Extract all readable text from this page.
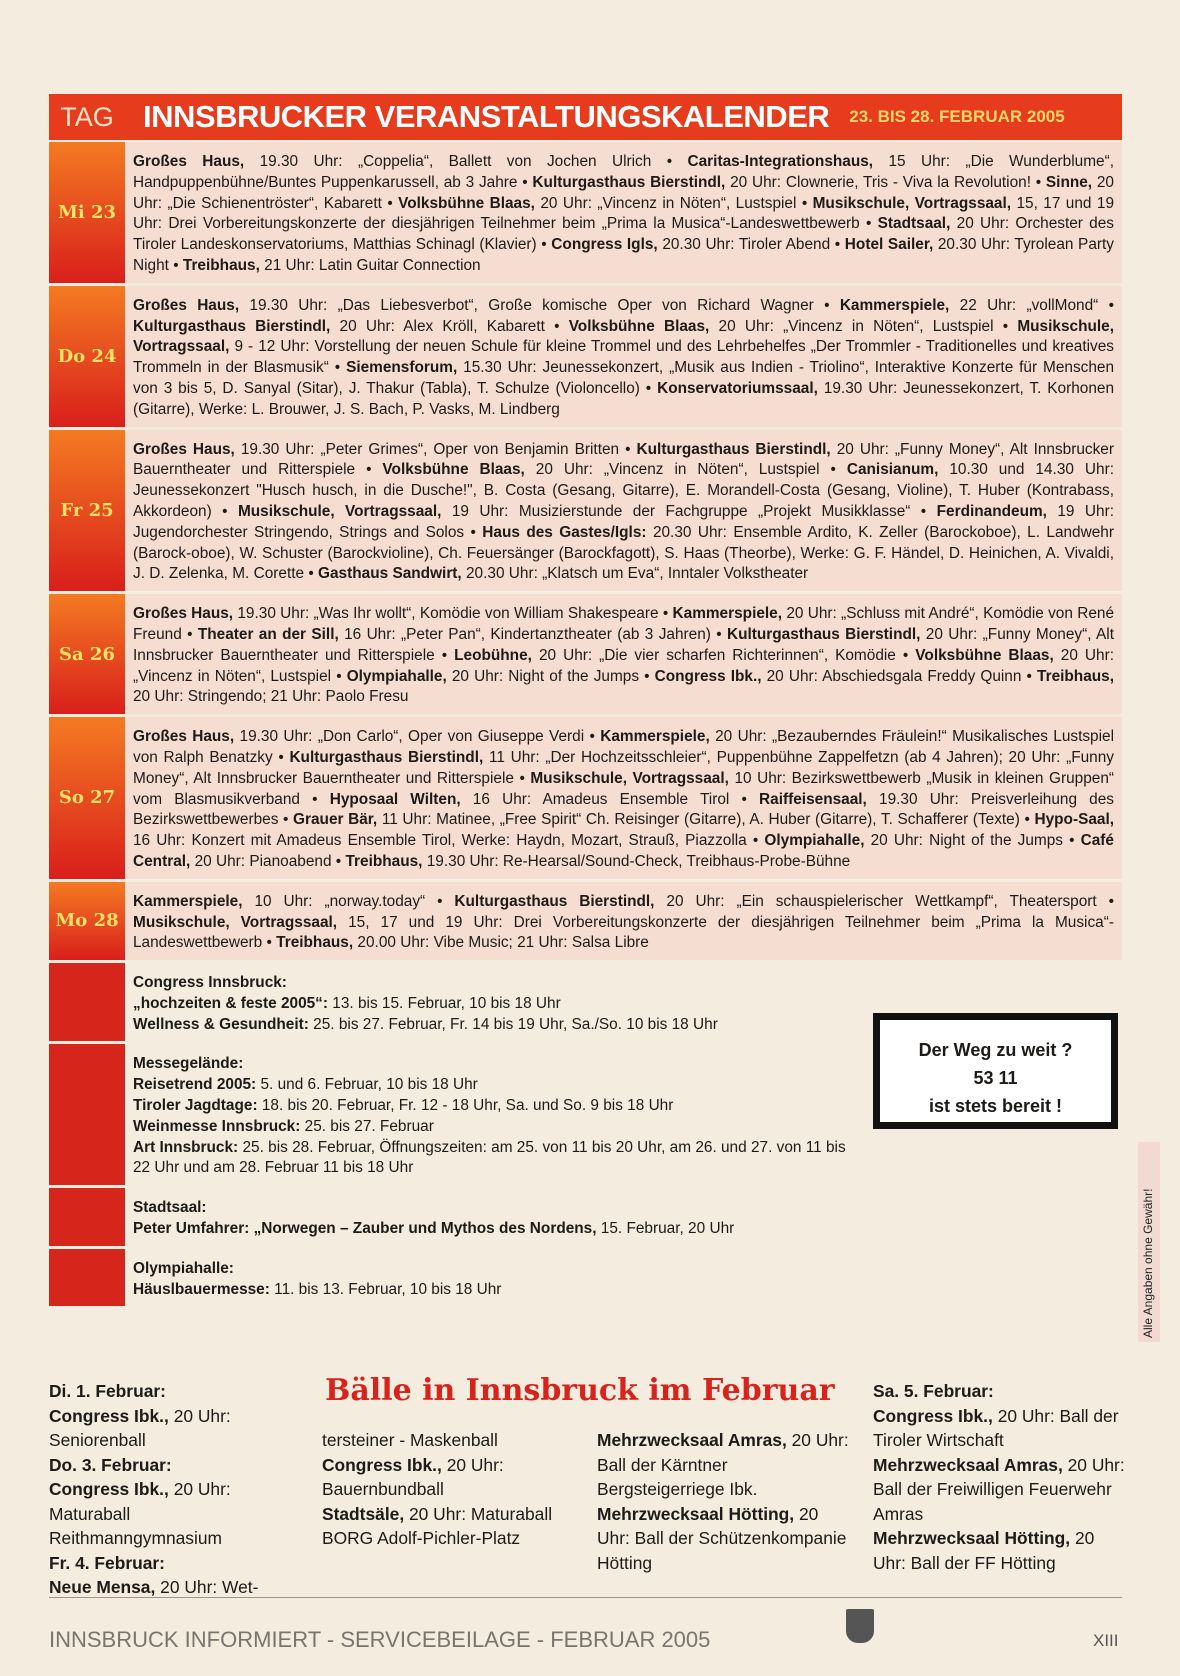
TAG INNSBRUCKER VERANSTALTUNGSKALENDER 23. BIS 28. FEBRUAR 2005
Mi 23
Großes Haus, 19.30 Uhr: „Coppelia“, Ballett von Jochen Ulrich • Caritas-Integrationshaus, 15 Uhr: „Die Wunderblume“, Handpuppenbühne/Buntes Puppenkarussell, ab 3 Jahre • Kulturgasthaus Bierstindl, 20 Uhr: Clownerie, Tris - Viva la Revolution! • Sinne, 20 Uhr: „Die Schienentröster“, Kabarett • Volksbühne Blaas, 20 Uhr: „Vincenz in Nöten“, Lustspiel • Musikschule, Vortragssaal, 15, 17 und 19 Uhr: Drei Vorbereitungskonzerte der diesjährigen Teilnehmer beim „Prima la Musica“-Landeswettbewerb • Stadtsaal, 20 Uhr: Orchester des Tiroler Landeskonservatoriums, Matthias Schinagl (Klavier) • Congress Igls, 20.30 Uhr: Tiroler Abend • Hotel Sailer, 20.30 Uhr: Tyrolean Party Night • Treibhaus, 21 Uhr: Latin Guitar Connection
Do 24
Großes Haus, 19.30 Uhr: „Das Liebesverbot“, Große komische Oper von Richard Wagner • Kammerspiele, 22 Uhr: „vollMond“ • Kulturgasthaus Bierstindl, 20 Uhr: Alex Kröll, Kabarett • Volksbühne Blaas, 20 Uhr: „Vincenz in Nöten“, Lustspiel • Musikschule, Vortragssaal, 9 - 12 Uhr: Vorstellung der neuen Schule für kleine Trommel und des Lehrbehelfes „Der Trommler - Traditionelles und kreatives Trommeln in der Blasmusik“ • Siemensforum, 15.30 Uhr: Jeunessekonzert, „Musik aus Indien - Triolino“, Interaktive Konzerte für Menschen von 3 bis 5, D. Sanyal (Sitar), J. Thakur (Tabla), T. Schulze (Violoncello) • Konservatoriumssaal, 19.30 Uhr: Jeunessekonzert, T. Korhonen (Gitarre), Werke: L. Brouwer, J. S. Bach, P. Vasks, M. Lindberg
Fr 25
Großes Haus, 19.30 Uhr: „Peter Grimes“, Oper von Benjamin Britten • Kulturgasthaus Bierstindl, 20 Uhr: „Funny Money“, Alt Innsbrucker Bauerntheater und Ritterspiele • Volksbühne Blaas, 20 Uhr: „Vincenz in Nöten“, Lustspiel • Canisianum, 10.30 und 14.30 Uhr: Jeunessekonzert "Husch husch, in die Dusche!", B. Costa (Gesang, Gitarre), E. Morandell-Costa (Gesang, Violine), T. Huber (Kontrabass, Akkordeon) • Musikschule, Vortragssaal, 19 Uhr: Musizierstunde der Fachgruppe „Projekt Musikklasse“ • Ferdinandeum, 19 Uhr: Jugendorchester Stringendo, Strings and Solos • Haus des Gastes/Igls: 20.30 Uhr: Ensemble Ardito, K. Zeller (Barockoboe), L. Landwehr (Barock-oboe), W. Schuster (Barockvioline), Ch. Feuersänger (Barockfagott), S. Haas (Theorbe), Werke: G. F. Händel, D. Heinichen, A. Vivaldi, J. D. Zelenka, M. Corette • Gasthaus Sandwirt, 20.30 Uhr: „Klatsch um Eva“, Inntaler Volkstheater
Sa 26
Großes Haus, 19.30 Uhr: „Was Ihr wollt“, Komödie von William Shakespeare • Kammerspiele, 20 Uhr: „Schluss mit André“, Komödie von René Freund • Theater an der Sill, 16 Uhr: „Peter Pan“, Kindertanztheater (ab 3 Jahren) • Kulturgasthaus Bierstindl, 20 Uhr: „Funny Money“, Alt Innsbrucker Bauerntheater und Ritterspiele • Leobühne, 20 Uhr: „Die vier scharfen Richterinnen“, Komödie • Volksbühne Blaas, 20 Uhr: „Vincenz in Nöten“, Lustspiel • Olympiahalle, 20 Uhr: Night of the Jumps • Congress Ibk., 20 Uhr: Abschiedsgala Freddy Quinn • Treibhaus, 20 Uhr: Stringendo; 21 Uhr: Paolo Fresu
So 27
Großes Haus, 19.30 Uhr: „Don Carlo“, Oper von Giuseppe Verdi • Kammerspiele, 20 Uhr: „Bezauberndes Fräulein!“ Musikalisches Lustspiel von Ralph Benatzky • Kulturgasthaus Bierstindl, 11 Uhr: „Der Hochzeitsschleier“, Puppenbühne Zappelfetzn (ab 4 Jahren); 20 Uhr: „Funny Money“, Alt Innsbrucker Bauerntheater und Ritterspiele • Musikschule, Vortragssaal, 10 Uhr: Bezirkswettbewerb „Musik in kleinen Gruppen“ vom Blasmusikverband • Hyposaal Wilten, 16 Uhr: Amadeus Ensemble Tirol • Raiffeisensaal, 19.30 Uhr: Preisverleihung des Bezirkswettbewerbes • Grauer Bär, 11 Uhr: Matinee, „Free Spirit“ Ch. Reisinger (Gitarre), A. Huber (Gitarre), T. Schafferer (Texte) • Hypo-Saal, 16 Uhr: Konzert mit Amadeus Ensemble Tirol, Werke: Haydn, Mozart, Strauß, Piazzolla • Olympiahalle, 20 Uhr: Night of the Jumps • Café Central, 20 Uhr: Pianoabend • Treibhaus, 19.30 Uhr: Re-Hearsal/Sound-Check, Treibhaus-Probe-Bühne
Mo 28
Kammerspiele, 10 Uhr: „norway.today“ • Kulturgasthaus Bierstindl, 20 Uhr: „Ein schauspielerischer Wettkampf“, Theatersport • Musikschule, Vortragssaal, 15, 17 und 19 Uhr: Drei Vorbereitungskonzerte der diesjährigen Teilnehmer beim „Prima la Musica“-Landeswettbewerb • Treibhaus, 20.00 Uhr: Vibe Music; 21 Uhr: Salsa Libre
Congress Innsbruck:
„hochzeiten & feste 2005“: 13. bis 15. Februar, 10 bis 18 Uhr
Wellness & Gesundheit: 25. bis 27. Februar, Fr. 14 bis 19 Uhr, Sa./So. 10 bis 18 Uhr
Messegelände:
Reisetrend 2005: 5. und 6. Februar, 10 bis 18 Uhr
Tiroler Jagdtage: 18. bis 20. Februar, Fr. 12 - 18 Uhr, Sa. und So. 9 bis 18 Uhr
Weinmesse Innsbruck: 25. bis 27. Februar
Art Innsbruck: 25. bis 28. Februar, Öffnungszeiten: am 25. von 11 bis 20 Uhr, am 26. und 27. von 11 bis 22 Uhr und am 28. Februar 11 bis 18 Uhr
Stadtsaal:
Peter Umfahrer: „Norwegen – Zauber und Mythos des Nordens, 15. Februar, 20 Uhr
Olympiahalle:
Häuslbauermesse: 11. bis 13. Februar, 10 bis 18 Uhr
Der Weg zu weit ?
53 11
ist stets bereit !
Alle Angaben ohne Gewähr!
Bälle in Innsbruck im Februar
Di. 1. Februar:
Congress Ibk., 20 Uhr: Seniorenball
Do. 3. Februar:
Congress Ibk., 20 Uhr: Maturaball Reithmanngymnasium
Fr. 4. Februar:
Neue Mensa, 20 Uhr: Wet-
tersteiner - Maskenball
Congress Ibk., 20 Uhr: Bauernbundball
Stadtsäle, 20 Uhr: Maturaball BORG Adolf-Pichler-Platz
Mehrzwecksaal Amras, 20 Uhr: Ball der Kärntner Bergsteigerriege Ibk.
Mehrzwecksaal Hötting, 20 Uhr: Ball der Schützenkompanie Hötting
Sa. 5. Februar:
Congress Ibk., 20 Uhr: Ball der Tiroler Wirtschaft
Mehrzwecksaal Amras, 20 Uhr: Ball der Freiwilligen Feuerwehr Amras
Mehrzwecksaal Hötting, 20 Uhr: Ball der FF Hötting
INNSBRUCK INFORMIERT - SERVICEBEILAGE - FEBRUAR 2005	XIII
